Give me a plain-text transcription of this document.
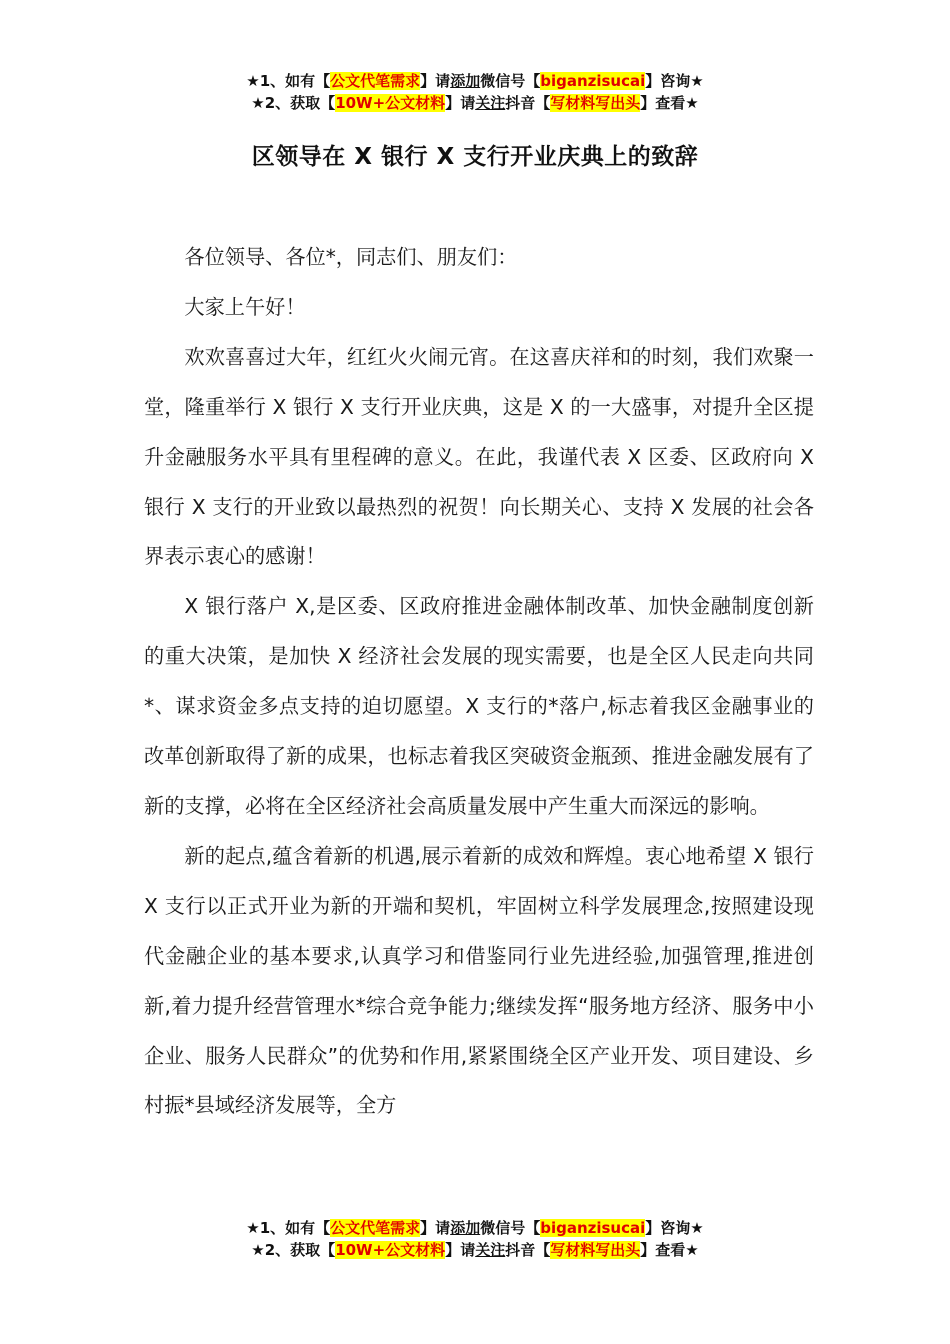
★1、如有【公文代笔需求】请添加微信号【biganzisucai】咨询★
★2、获取【10W+公文材料】请关注抖音【写材料写出头】查看★
区领导在 X 银行 X 支行开业庆典上的致辞

各位领导、各位*，同志们、朋友们：

大家上午好！

欢欢喜喜过大年，红红火火闹元宵。在这喜庆祥和的时刻，我们欢聚一堂，隆重举行 X 银行 X 支行开业庆典，这是 X 的一大盛事，对提升全区提升金融服务水平具有里程碑的意义。在此，我谨代表 X 区委、区政府向 X 银行 X 支行的开业致以最热烈的祝贺！向长期关心、支持 X 发展的社会各界表示衷心的感谢！

X 银行落户 X,是区委、区政府推进金融体制改革、加快金融制度创新的重大决策，是加快 X 经济社会发展的现实需要，也是全区人民走向共同*、谋求资金多点支持的迫切愿望。X 支行的*落户,标志着我区金融事业的改革创新取得了新的成果，也标志着我区突破资金瓶颈、推进金融发展有了新的支撑，必将在全区经济社会高质量发展中产生重大而深远的影响。

新的起点,蕴含着新的机遇,展示着新的成效和辉煌。衷心地希望 X 银行 X 支行以正式开业为新的开端和契机，牢固树立科学发展理念,按照建设现代金融企业的基本要求,认真学习和借鉴同行业先进经验,加强管理,推进创新,着力提升经营管理水*综合竞争能力;继续发挥“服务地方经济、服务中小企业、服务人民群众”的优势和作用,紧紧围绕全区产业开发、项目建设、乡村振*县域经济发展等，全方

★1、如有【公文代笔需求】请添加微信号【biganzisucai】咨询★
★2、获取【10W+公文材料】请关注抖音【写材料写出头】查看★
